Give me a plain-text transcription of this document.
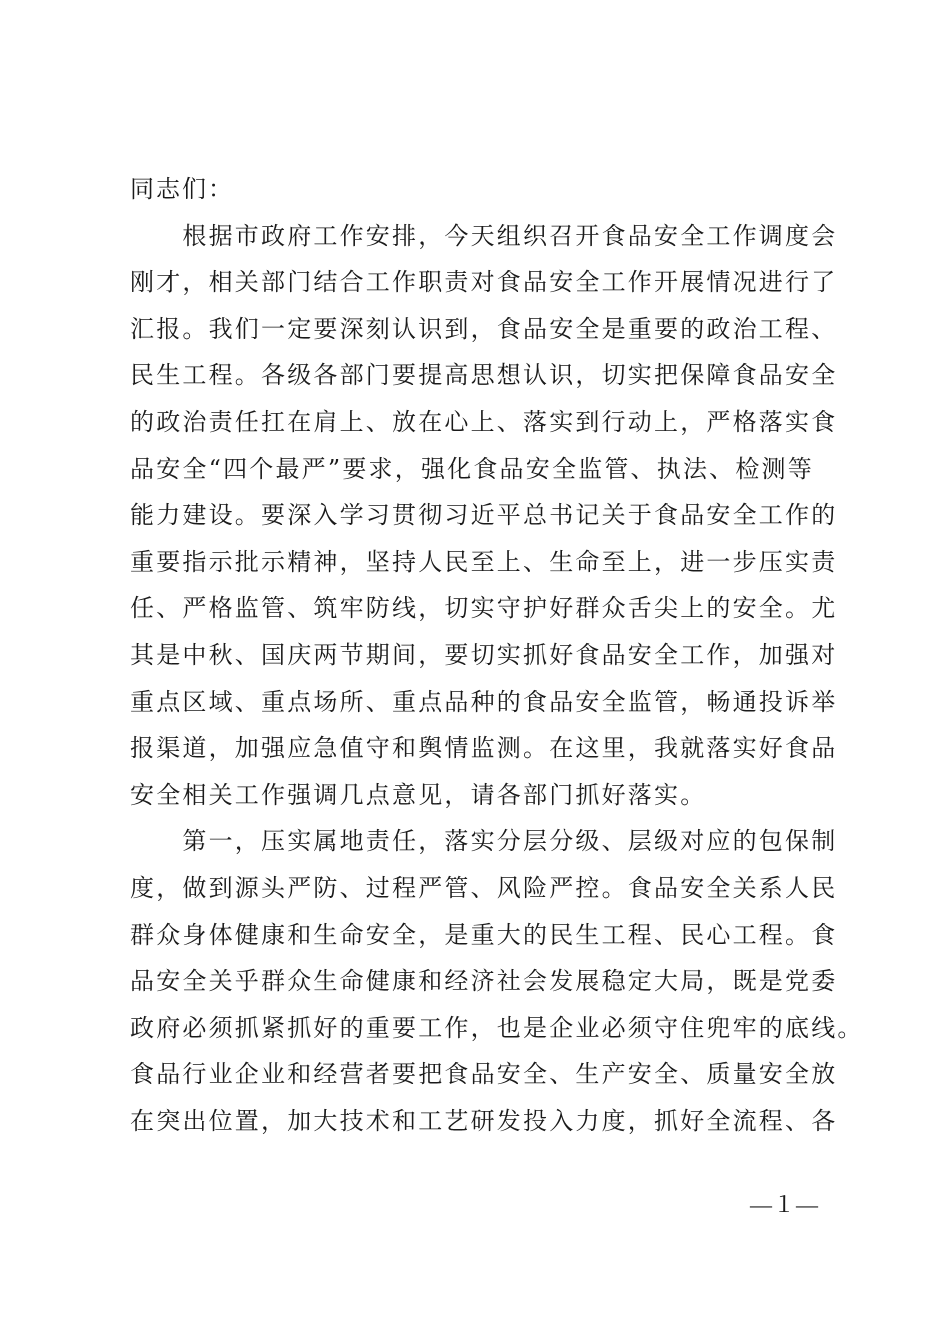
同志们：
　　根据市政府工作安排，今天组织召开食品安全工作调度会
刚才，相关部门结合工作职责对食品安全工作开展情况进行了
汇报。我们一定要深刻认识到，食品安全是重要的政治工程、
民生工程。各级各部门要提高思想认识，切实把保障食品安全
的政治责任扛在肩上、放在心上、落实到行动上，严格落实食
品安全“四个最严”要求，强化食品安全监管、执法、检测等
能力建设。要深入学习贯彻习近平总书记关于食品安全工作的
重要指示批示精神，坚持人民至上、生命至上，进一步压实责
任、严格监管、筑牢防线，切实守护好群众舌尖上的安全。尤
其是中秋、国庆两节期间，要切实抓好食品安全工作，加强对
重点区域、重点场所、重点品种的食品安全监管，畅通投诉举
报渠道，加强应急值守和舆情监测。在这里，我就落实好食品
安全相关工作强调几点意见，请各部门抓好落实。
　　第一，压实属地责任，落实分层分级、层级对应的包保制
度，做到源头严防、过程严管、风险严控。食品安全关系人民
群众身体健康和生命安全，是重大的民生工程、民心工程。食
品安全关乎群众生命健康和经济社会发展稳定大局，既是党委
政府必须抓紧抓好的重要工作，也是企业必须守住兜牢的底线。
食品行业企业和经营者要把食品安全、生产安全、质量安全放
在突出位置，加大技术和工艺研发投入力度，抓好全流程、各
—１—
